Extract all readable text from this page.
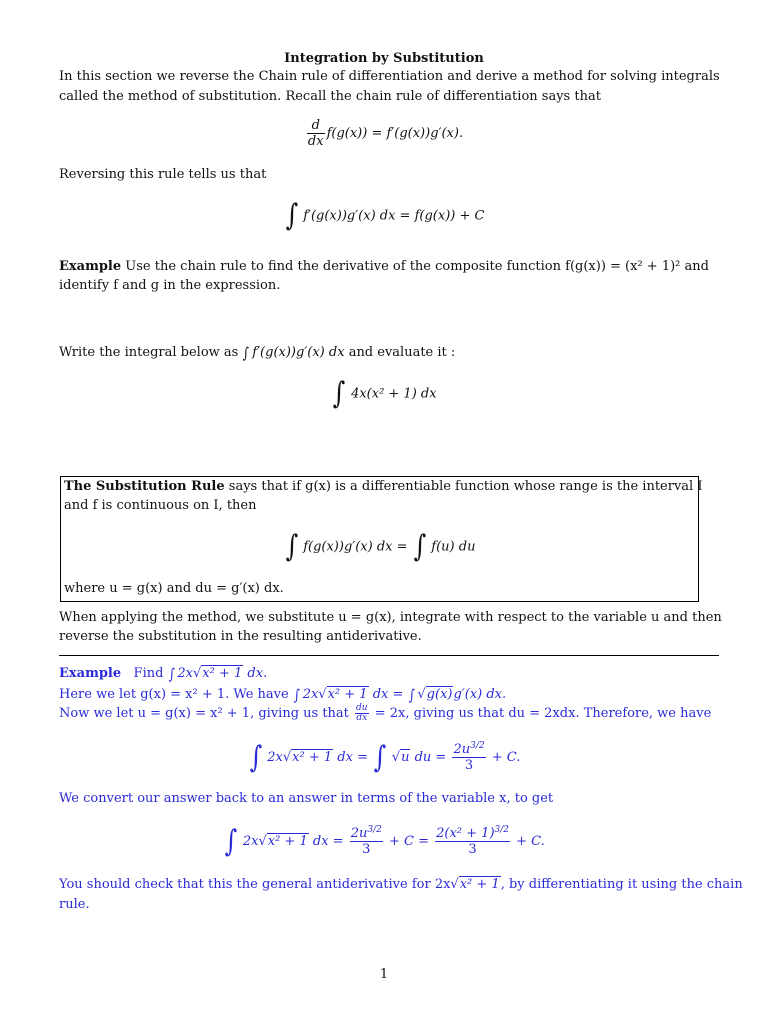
Integration by Substitution
In this section we reverse the Chain rule of differentiation and derive a method for solving integrals
called the method of substitution. Recall the chain rule of differentiation says that
$\frac{d}{dx} f(g(x)) = f'(g(x))g'(x)$.
Reversing this rule tells us that
∫ f′(g(x))g′(x) dx = f(g(x)) + C
Example Use the chain rule to find the derivative of the composite function f(g(x)) = (x² + 1)² and
identify f and g in the expression.
Write the integral below as ∫ f′(g(x))g′(x) dx and evaluate it :
∫ 4x(x² + 1) dx
The Substitution Rule says that if g(x) is a differentiable function whose range is the interval I
and f is continuous on I, then
∫ f(g(x))g′(x) dx = ∫ f(u) du
where u = g(x) and du = g′(x) dx.
When applying the method, we substitute u = g(x), integrate with respect to the variable u and then
reverse the substitution in the resulting antiderivative.
Example Find ∫ 2x√x² + 1 dx.
Here we let g(x) = x² + 1. We have ∫ 2x√x² + 1 dx = ∫ √g(x)g′(x) dx.
Now we let u = g(x) = x² + 1, giving us that $\frac{du}{dx} = 2x$, giving us that du = 2xdx. Therefore, we have
∫ 2x√x² + 1 dx = ∫ √u du = $\frac{2u^{3/2}}{3} + C$.
We convert our answer back to an answer in terms of the variable x, to get
∫ 2x√x² + 1 dx = $\frac{2u^{3/2}}{3} + C = \frac{2(x^2 + 1)^{3/2}}{3} + C$.
You should check that this the general antiderivative for 2x√x² + 1, by differentiating it using the chain
rule.
1
